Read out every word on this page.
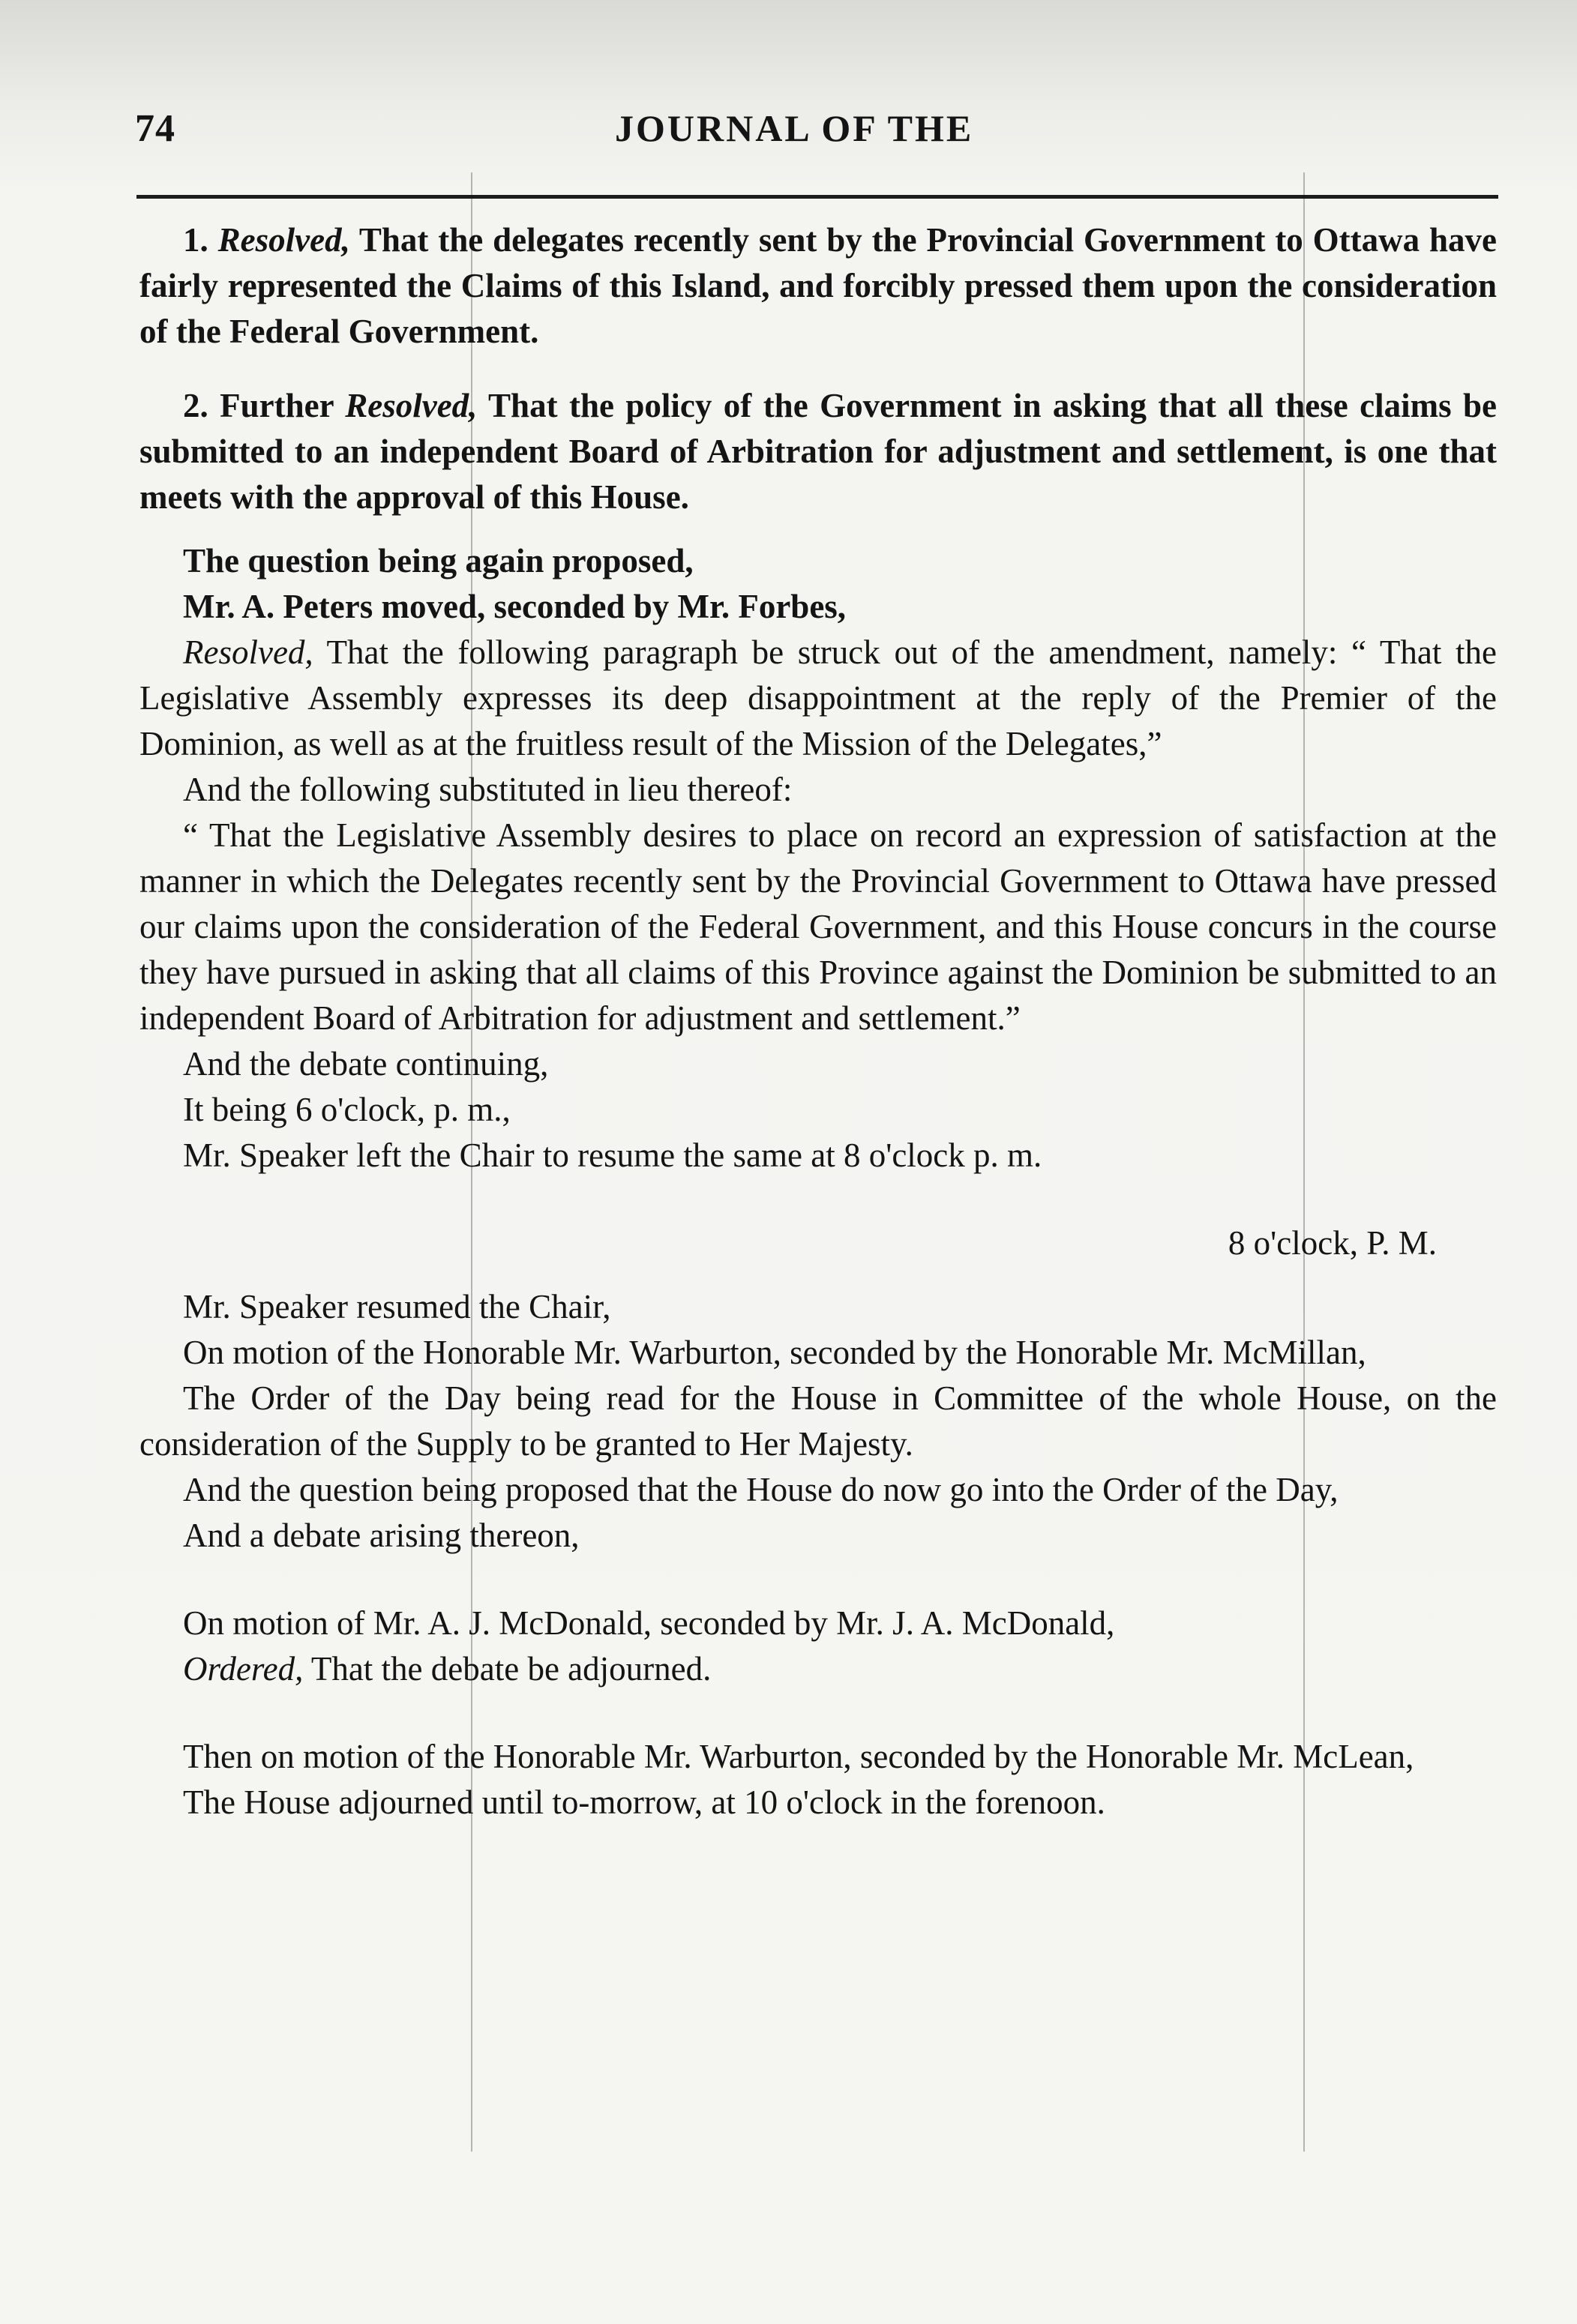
74	JOURNAL OF THE

1. Resolved, That the delegates recently sent by the Provincial Government to Ottawa have fairly represented the Claims of this Island, and forcibly pressed them upon the consideration of the Federal Government.

2. Further Resolved, That the policy of the Government in asking that all these claims be submitted to an independent Board of Arbitration for adjustment and settlement, is one that meets with the approval of this House.

The question being again proposed,

Mr. A. Peters moved, seconded by Mr. Forbes,

Resolved, That the following paragraph be struck out of the amendment, namely: “ That the Legislative Assembly expresses its deep disappointment at the reply of the Premier of the Dominion, as well as at the fruitless result of the Mission of the Delegates,”

And the following substituted in lieu thereof:

“ That the Legislative Assembly desires to place on record an expression of satisfaction at the manner in which the Delegates recently sent by the Provincial Government to Ottawa have pressed our claims upon the consideration of the Federal Government, and this House concurs in the course they have pursued in asking that all claims of this Province against the Dominion be submitted to an independent Board of Arbitration for adjustment and settlement.”

And the debate continuing,

It being 6 o'clock, p. m.,

Mr. Speaker left the Chair to resume the same at 8 o'clock p. m.

8 o'clock, P. M.

Mr. Speaker resumed the Chair,

On motion of the Honorable Mr. Warburton, seconded by the Honorable Mr. McMillan,

The Order of the Day being read for the House in Committee of the whole House, on the consideration of the Supply to be granted to Her Majesty.

And the question being proposed that the House do now go into the Order of the Day,

And a debate arising thereon,

On motion of Mr. A. J. McDonald, seconded by Mr. J. A. McDonald,

Ordered, That the debate be adjourned.

Then on motion of the Honorable Mr. Warburton, seconded by the Honorable Mr. McLean,

The House adjourned until to-morrow, at 10 o'clock in the forenoon.
